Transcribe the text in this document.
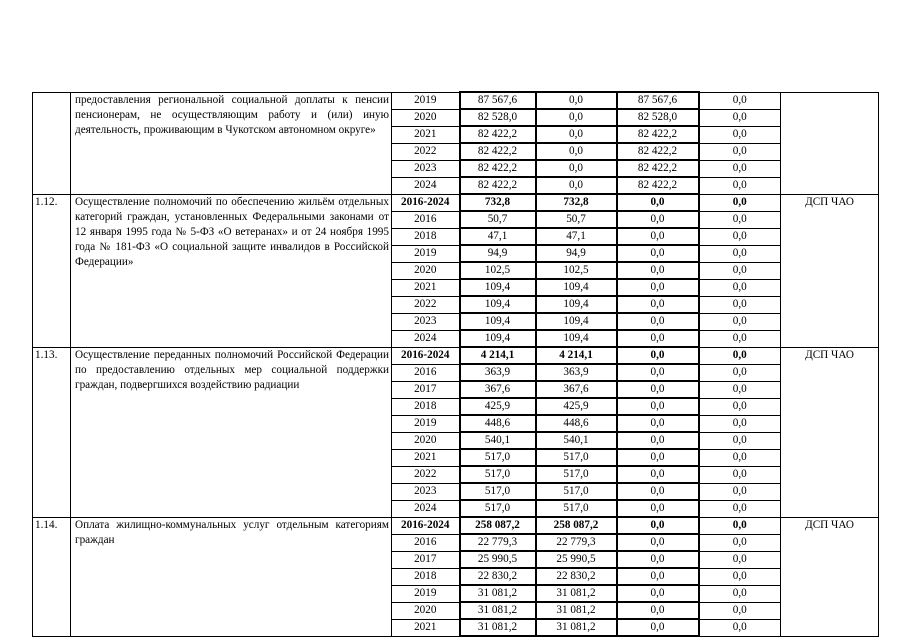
	предоставления региональной социальной доплаты к пенсии пенсионерам, не осуществляющим работу и (или) иную деятельность, проживающим в Чукотском автономном округе»	2019	87 567,6	0,0	87 567,6	0,0	
		2020	82 528,0	0,0	82 528,0	0,0	
		2021	82 422,2	0,0	82 422,2	0,0	
		2022	82 422,2	0,0	82 422,2	0,0	
		2023	82 422,2	0,0	82 422,2	0,0	
		2024	82 422,2	0,0	82 422,2	0,0	
1.12.	Осуществление полномочий по обеспечению жильём отдельных категорий граждан, установленных Федеральными законами от 12 января 1995 года № 5-ФЗ «О ветеранах» и от 24 ноября 1995 года № 181-ФЗ «О социальной защите инвалидов в Российской Федерации»	2016-2024	732,8	732,8	0,0	0,0	ДСП ЧАО
		2016	50,7	50,7	0,0	0,0	
		2018	47,1	47,1	0,0	0,0	
		2019	94,9	94,9	0,0	0,0	
		2020	102,5	102,5	0,0	0,0	
		2021	109,4	109,4	0,0	0,0	
		2022	109,4	109,4	0,0	0,0	
		2023	109,4	109,4	0,0	0,0	
		2024	109,4	109,4	0,0	0,0	
1.13.	Осуществление переданных полномочий Российской Федерации по предоставлению отдельных мер социальной поддержки граждан, подвергшихся воздействию радиации	2016-2024	4 214,1	4 214,1	0,0	0,0	ДСП ЧАО
		2016	363,9	363,9	0,0	0,0	
		2017	367,6	367,6	0,0	0,0	
		2018	425,9	425,9	0,0	0,0	
		2019	448,6	448,6	0,0	0,0	
		2020	540,1	540,1	0,0	0,0	
		2021	517,0	517,0	0,0	0,0	
		2022	517,0	517,0	0,0	0,0	
		2023	517,0	517,0	0,0	0,0	
		2024	517,0	517,0	0,0	0,0	
1.14.	Оплата жилищно-коммунальных услуг отдельным категориям граждан	2016-2024	258 087,2	258 087,2	0,0	0,0	ДСП ЧАО
		2016	22 779,3	22 779,3	0,0	0,0	
		2017	25 990,5	25 990,5	0,0	0,0	
		2018	22 830,2	22 830,2	0,0	0,0	
		2019	31 081,2	31 081,2	0,0	0,0	
		2020	31 081,2	31 081,2	0,0	0,0	
		2021	31 081,2	31 081,2	0,0	0,0	
